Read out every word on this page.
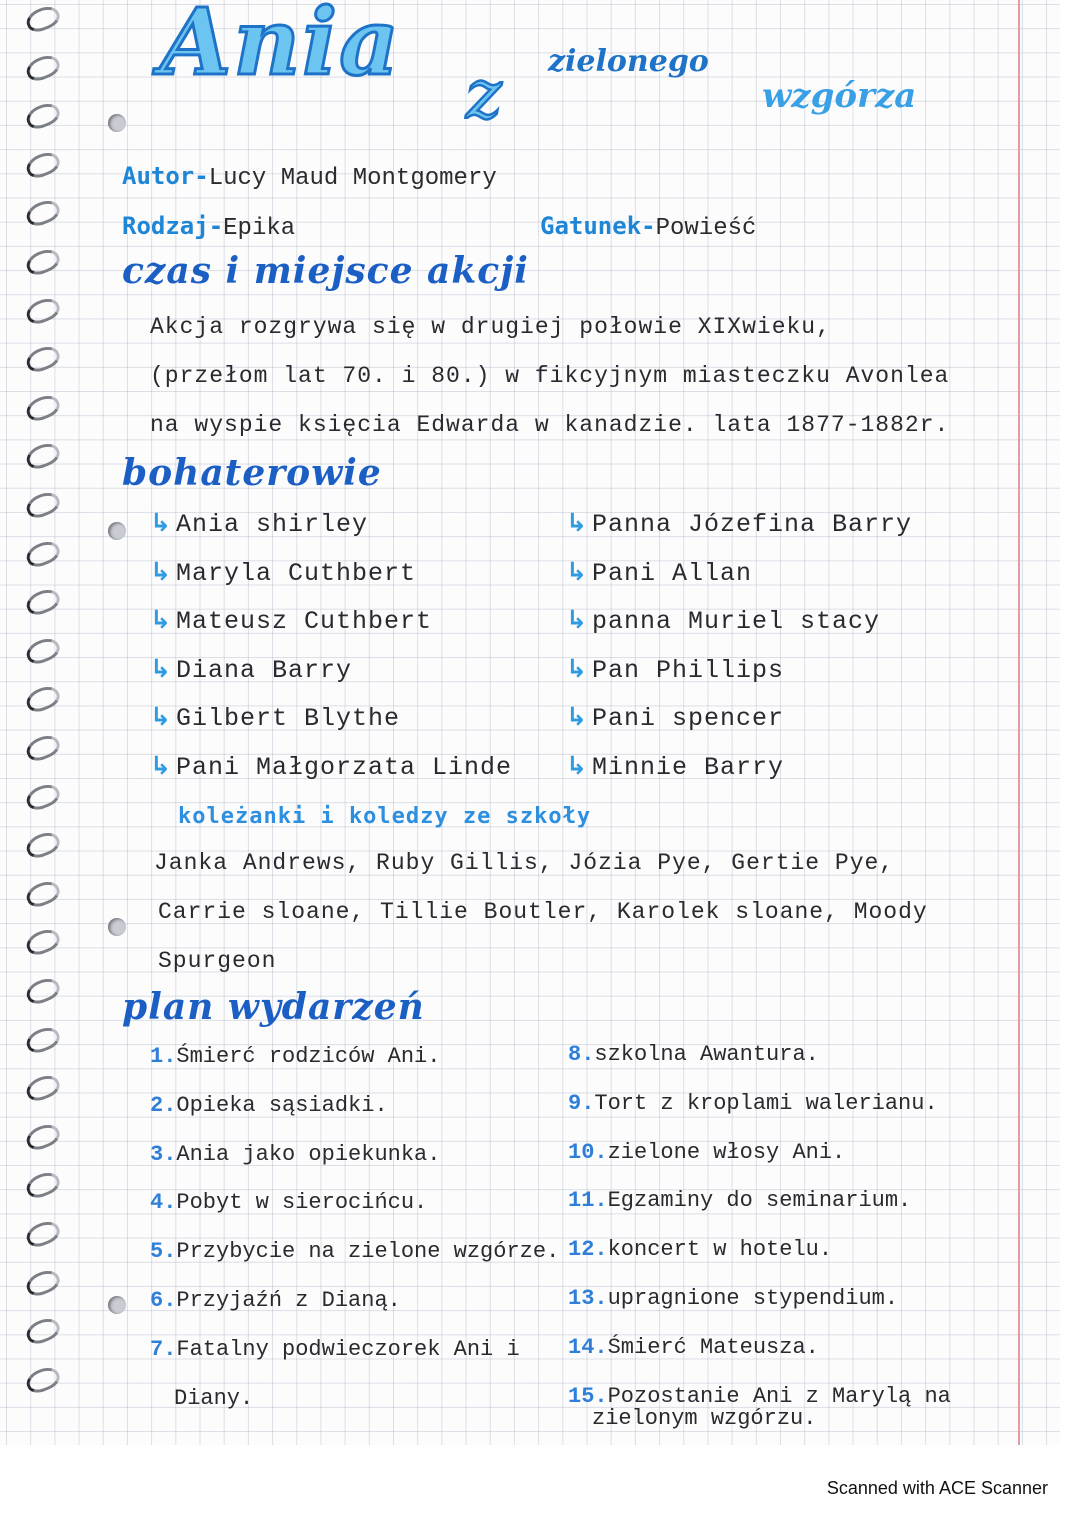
Ania z zielonego
wzgórza
Autor-Lucy Maud Montgomery
Rodzaj-Epika	Gatunek-Powieść
czas i miejsce akcji
Akcja rozgrywa się w drugiej połowie XIXwieku,
(przełom lat 70. i 80.) w fikcyjnym miasteczku Avonlea
na wyspie księcia Edwarda w kanadzie. lata 1877-1882r.
bohaterowie
↳ Ania shirley
↳ Maryla Cuthbert
↳ Mateusz Cuthbert
↳ Diana Barry
↳ Gilbert Blythe
↳ Pani Małgorzata Linde
↳ Panna Józefina Barry
↳ Pani Allan
↳ panna Muriel stacy
↳ Pan Phillips
↳ Pani spencer
↳ Minnie Barry
koleżanki i koledzy ze szkoły
Janka Andrews, Ruby Gillis, Józia Pye, Gertie Pye,
Carrie sloane, Tillie Boutler, Karolek sloane, Moody
Spurgeon
plan wydarzeń
1.Śmierć rodziców Ani.
2.Opieka sąsiadki.
3.Ania jako opiekunka.
4.Pobyt w sierocińcu.
5.Przybycie na zielone wzgórze.
6.Przyjaźń z Dianą.
7.Fatalny podwieczorek Ani i
Diany.
8.szkolna Awantura.
9.Tort z kroplami walerianu.
10.zielone włosy Ani.
11.Egzaminy do seminarium.
12.koncert w hotelu.
13.upragnione stypendium.
14.Śmierć Mateusza.
15.Pozostanie Ani z Marylą na
zielonym wzgórzu.
Scanned with ACE Scanner
